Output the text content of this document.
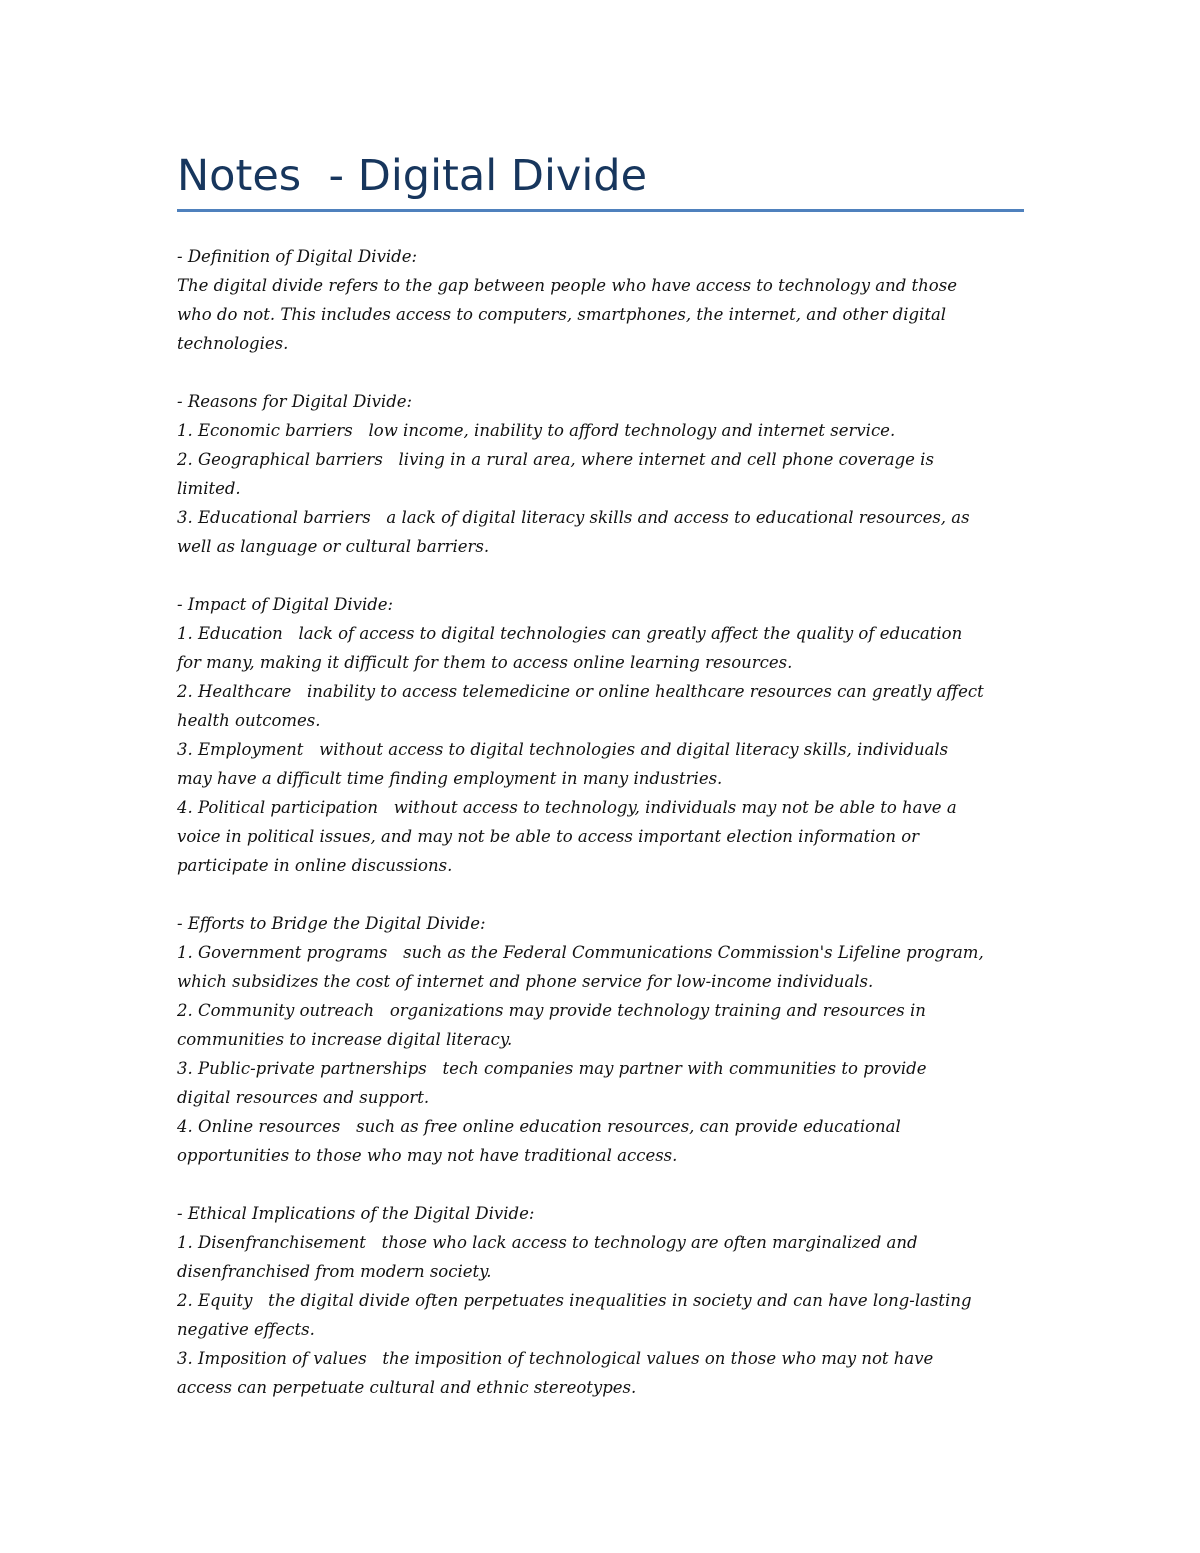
Notes  - Digital Divide
- Definition of Digital Divide:
The digital divide refers to the gap between people who have access to technology and those
who do not. This includes access to computers, smartphones, the internet, and other digital
technologies.
- Reasons for Digital Divide:
1. Economic barriers   low income, inability to afford technology and internet service.
2. Geographical barriers   living in a rural area, where internet and cell phone coverage is
limited.
3. Educational barriers   a lack of digital literacy skills and access to educational resources, as
well as language or cultural barriers.
- Impact of Digital Divide:
1. Education   lack of access to digital technologies can greatly affect the quality of education
for many, making it difficult for them to access online learning resources.
2. Healthcare   inability to access telemedicine or online healthcare resources can greatly affect
health outcomes.
3. Employment   without access to digital technologies and digital literacy skills, individuals
may have a difficult time finding employment in many industries.
4. Political participation   without access to technology, individuals may not be able to have a
voice in political issues, and may not be able to access important election information or
participate in online discussions.
- Efforts to Bridge the Digital Divide:
1. Government programs   such as the Federal Communications Commission's Lifeline program,
which subsidizes the cost of internet and phone service for low-income individuals.
2. Community outreach   organizations may provide technology training and resources in
communities to increase digital literacy.
3. Public-private partnerships   tech companies may partner with communities to provide
digital resources and support.
4. Online resources   such as free online education resources, can provide educational
opportunities to those who may not have traditional access.
- Ethical Implications of the Digital Divide:
1. Disenfranchisement   those who lack access to technology are often marginalized and
disenfranchised from modern society.
2. Equity   the digital divide often perpetuates inequalities in society and can have long-lasting
negative effects.
3. Imposition of values   the imposition of technological values on those who may not have
access can perpetuate cultural and ethnic stereotypes.
